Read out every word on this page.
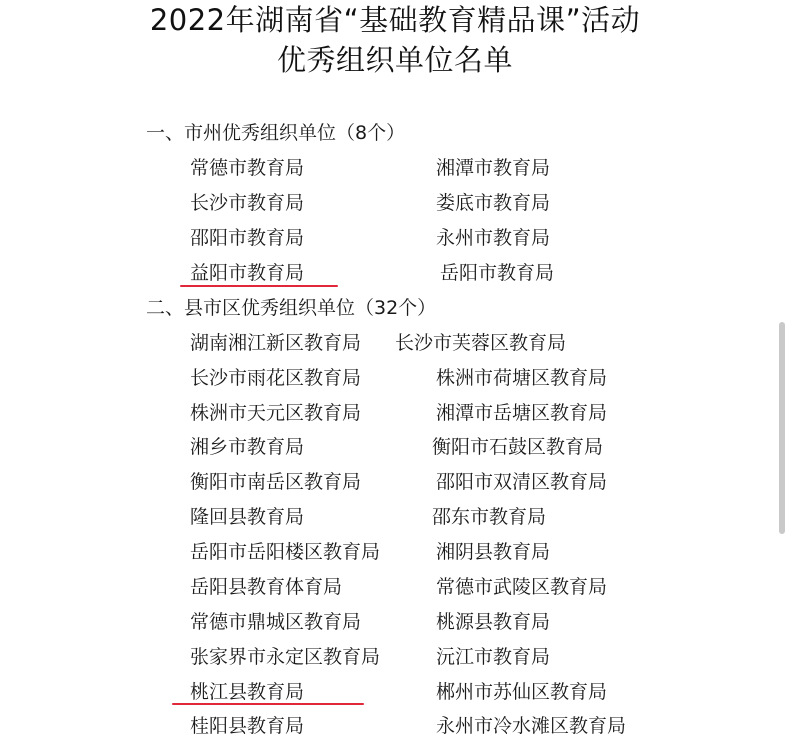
2022年湖南省“基础教育精品课”活动
优秀组织单位名单
一、市州优秀组织单位（8个）
常德市教育局	湘潭市教育局
长沙市教育局	娄底市教育局
邵阳市教育局	永州市教育局
益阳市教育局	岳阳市教育局
二、县市区优秀组织单位（32个）
湖南湘江新区教育局 长沙市芙蓉区教育局
长沙市雨花区教育局	株洲市荷塘区教育局
株洲市天元区教育局	湘潭市岳塘区教育局
湘乡市教育局	衡阳市石鼓区教育局
衡阳市南岳区教育局	邵阳市双清区教育局
隆回县教育局	邵东市教育局
岳阳市岳阳楼区教育局	湘阴县教育局
岳阳县教育体育局	常德市武陵区教育局
常德市鼎城区教育局	桃源县教育局
张家界市永定区教育局	沅江市教育局
桃江县教育局	郴州市苏仙区教育局
桂阳县教育局	永州市冷水滩区教育局
